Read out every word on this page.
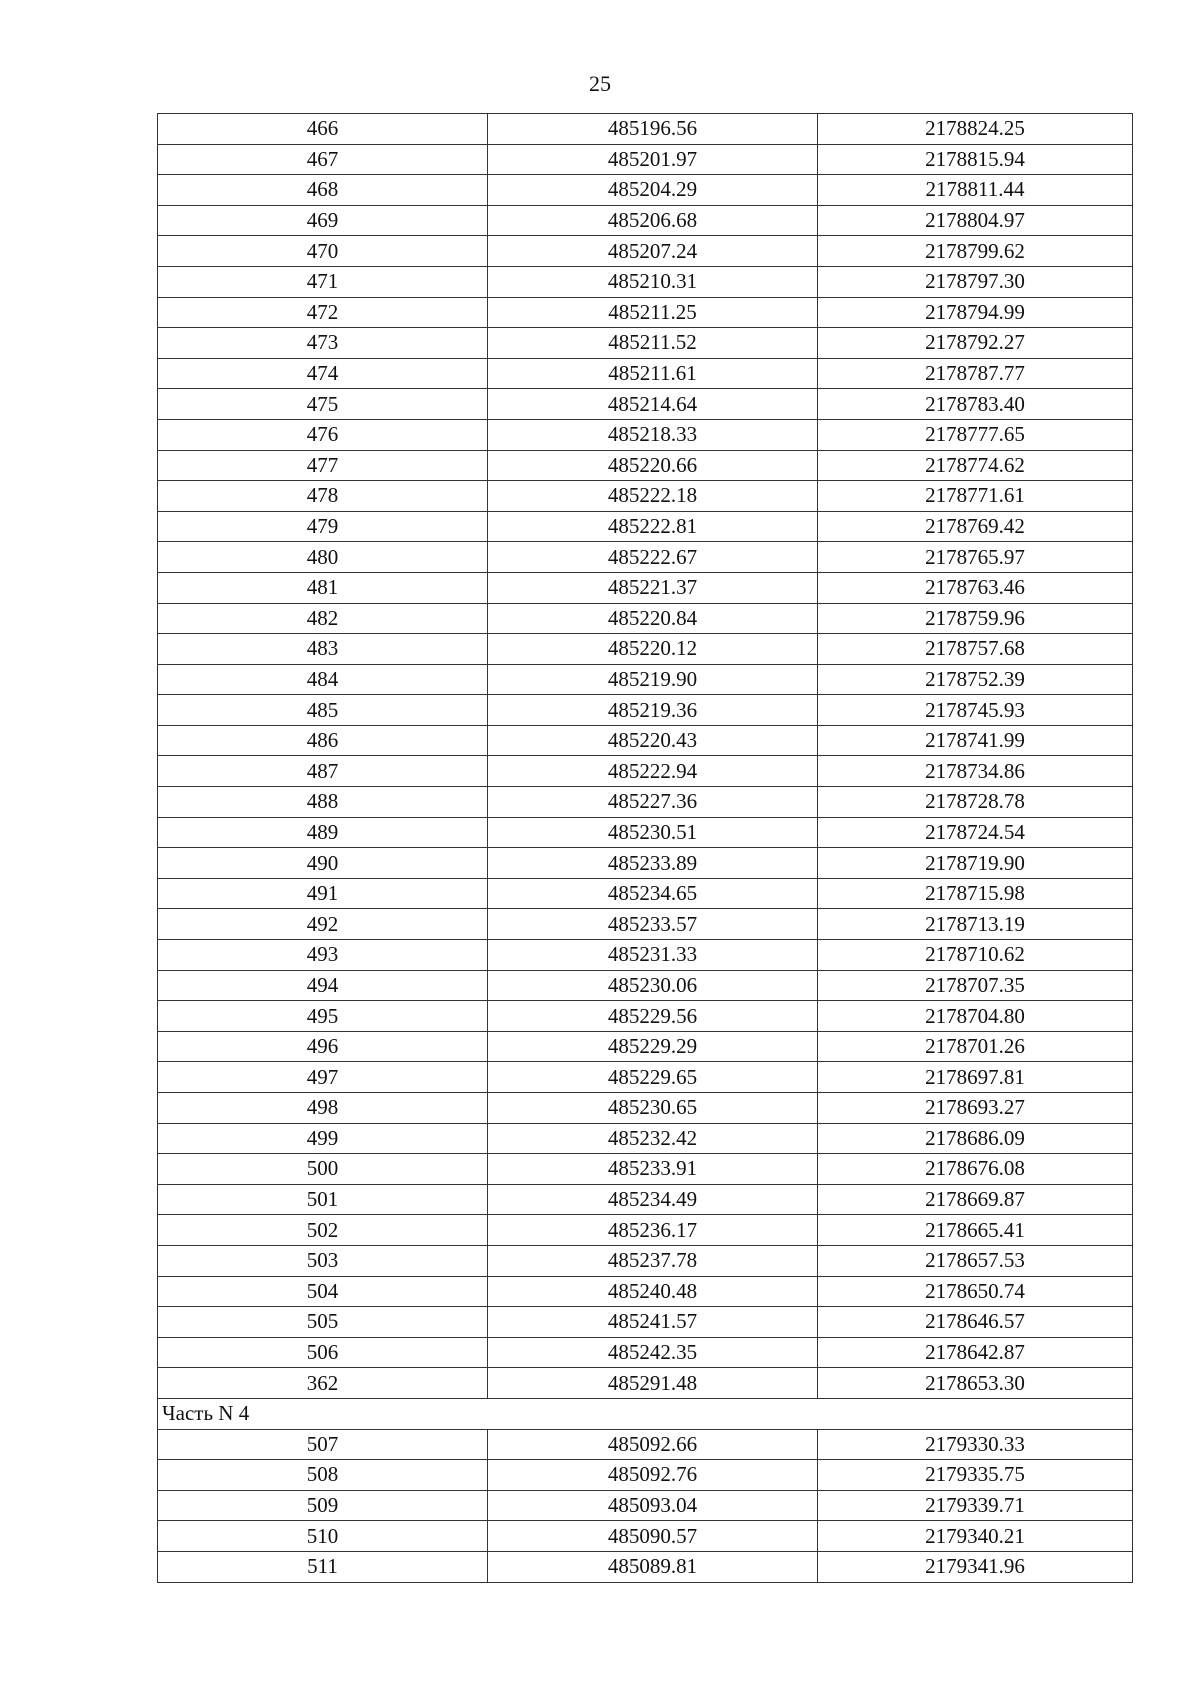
25
466	485196.56	2178824.25
467	485201.97	2178815.94
468	485204.29	2178811.44
469	485206.68	2178804.97
470	485207.24	2178799.62
471	485210.31	2178797.30
472	485211.25	2178794.99
473	485211.52	2178792.27
474	485211.61	2178787.77
475	485214.64	2178783.40
476	485218.33	2178777.65
477	485220.66	2178774.62
478	485222.18	2178771.61
479	485222.81	2178769.42
480	485222.67	2178765.97
481	485221.37	2178763.46
482	485220.84	2178759.96
483	485220.12	2178757.68
484	485219.90	2178752.39
485	485219.36	2178745.93
486	485220.43	2178741.99
487	485222.94	2178734.86
488	485227.36	2178728.78
489	485230.51	2178724.54
490	485233.89	2178719.90
491	485234.65	2178715.98
492	485233.57	2178713.19
493	485231.33	2178710.62
494	485230.06	2178707.35
495	485229.56	2178704.80
496	485229.29	2178701.26
497	485229.65	2178697.81
498	485230.65	2178693.27
499	485232.42	2178686.09
500	485233.91	2178676.08
501	485234.49	2178669.87
502	485236.17	2178665.41
503	485237.78	2178657.53
504	485240.48	2178650.74
505	485241.57	2178646.57
506	485242.35	2178642.87
362	485291.48	2178653.30
Часть N 4		
507	485092.66	2179330.33
508	485092.76	2179335.75
509	485093.04	2179339.71
510	485090.57	2179340.21
511	485089.81	2179341.96
